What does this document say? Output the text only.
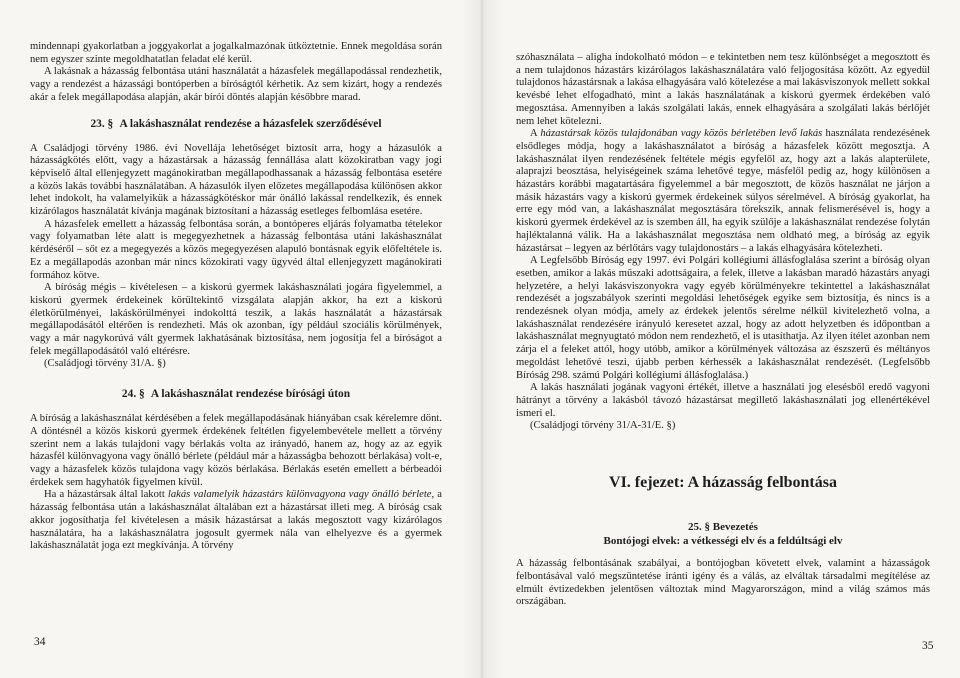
mindennapi gyakorlatban a joggyakorlat a jogalkalmazónak ütköztetnie. Ennek megoldása során nem egyszer szinte megoldhatatlan feladat elé kerül.

A lakásnak a házasság felbontása utáni használatát a házasfelek megállapodással rendezhetik, vagy a rendezést a házassági bontóperben a bíróságtól kérhetik. Az sem kizárt, hogy a rendezés akár a felek megállapodása alapján, akár bírói döntés alapján későbbre marad.

23. § A lakáshasználat rendezése a házasfelek szerződésével

A Családjogi törvény 1986. évi Novellája lehetőséget biztosít arra, hogy a házasulók a házasságkötés előtt, vagy a házastársak a házasság fennállása alatt közokiratban vagy jogi képviselő által ellenjegyzett magánokiratban megállapodhassanak a házasság felbontása esetére a közös lakás további használatában. A házasulók ilyen előzetes megállapodása különösen akkor lehet indokolt, ha valamelyikük a házasságkötéskor már önálló lakással rendelkezik, és ennek kizárólagos használatát kívánja magának biztosítani a házasság esetleges felbomlása esetére.

A házasfelek emellett a házasság felbontása során, a bontóperes eljárás folyamatba tételekor vagy folyamatban léte alatt is megegyezhetnek a házasság felbontása utáni lakáshasználat kérdéséről – sőt ez a megegyezés a közös megegyezésen alapuló bontásnak egyik előfeltétele is. Ez a megállapodás azonban már nincs közokirati vagy ügyvéd által ellenjegyzett magánokirati formához kötve.

A bíróság mégis – kivételesen – a kiskorú gyermek lakáshasználati jogára figyelemmel, a kiskorú gyermek érdekeinek körültekintő vizsgálata alapján akkor, ha ezt a kiskorú életkörülményei, lakáskörülményei indokolttá teszik, a lakás használatát a házastársak megállapodásától eltérően is rendezheti. Más ok azonban, így például szociális körülmények, vagy a már nagykorúvá vált gyermek lakhatásának biztosítása, nem jogosítja fel a bíróságot a felek megállapodásától való eltérésre.

(Családjogi törvény 31/A. §)

24. § A lakáshasználat rendezése bírósági úton

A bíróság a lakáshasználat kérdésében a felek megállapodásának hiányában csak kérelemre dönt. A döntésnél a közös kiskorú gyermek érdekének feltétlen figyelembevétele mellett a törvény szerint nem a lakás tulajdoni vagy bérlakás volta az irányadó, hanem az, hogy az az egyik házasfél különvagyona vagy önálló bérlete (például már a házasságba behozott bérlakása) volt-e, vagy a házasfelek közös tulajdona vagy közös bérlakása. Bérlakás esetén emellett a bérbeadói érdekek sem hagyhatók figyelmen kívül.

Ha a házastársak által lakott lakás valamelyik házastárs különvagyona vagy önálló bérlete, a házasság felbontása után a lakáshasználat általában ezt a házastársat illeti meg. A bíróság csak akkor jogosíthatja fel kivételesen a másik házastársat a lakás megosztott vagy kizárólagos használatára, ha a lakáshasználatra jogosult gyermek nála van elhelyezve és a gyermek lakáshasználatát joga ezt megkívánja. A törvény

34

szóhasználata – aligha indokolható módon – e tekintetben nem tesz különbséget a megosztott és a nem tulajdonos házastárs kizárólagos lakáshasználatára való feljogosítása között. Az egyedül tulajdonos házastársnak a lakása elhagyására való kötelezése a mai lakásviszonyok mellett sokkal kevésbé lehet elfogadható, mint a lakás használatának a kiskorú gyermek érdekében való megosztása. Amennyiben a lakás szolgálati lakás, ennek elhagyására a szolgálati lakás bérlőjét nem lehet kötelezni.

A házastársak közös tulajdonában vagy közös bérletében levő lakás használata rendezésének elsődleges módja, hogy a lakáshasználatot a bíróság a házasfelek között megosztja. A lakáshasználat ilyen rendezésének feltétele mégis egyfelől az, hogy azt a lakás alapterülete, alaprajzi beosztása, helyiségeinek száma lehetővé tegye, másfelől pedig az, hogy különösen a házastárs korábbi magatartására figyelemmel a bár megosztott, de közös használat ne járjon a másik házastárs vagy a kiskorú gyermek érdekeinek súlyos sérelmével. A bíróság gyakorlat, ha erre egy mód van, a lakáshasználat megosztására törekszik, annak felismerésével is, hogy a kiskorú gyermek érdekével az is szemben áll, ha egyik szülője a lakáshasználat rendezése folytán hajléktalanná válik. Ha a lakáshasználat megosztása nem oldható meg, a bíróság az egyik házastársat – legyen az bérlőtárs vagy tulajdonostárs – a lakás elhagyására kötelezheti.

A Legfelsőbb Bíróság egy 1997. évi Polgári kollégiumi állásfoglalása szerint a bíróság olyan esetben, amikor a lakás műszaki adottságaira, a felek, illetve a lakásban maradó házastárs anyagi helyzetére, a helyi lakásviszonyokra vagy egyéb körülményekre tekintettel a lakáshasználat rendezését a jogszabályok szerinti megoldási lehetőségek egyike sem biztosítja, és nincs is a rendezésnek olyan módja, amely az érdekek jelentős sérelme nélkül kivitelezhető volna, a lakáshasználat rendezésére irányuló keresetet azzal, hogy az adott helyzetben és időpontban a lakáshasználat megnyugtató módon nem rendezhető, el is utasíthatja. Az ilyen ítélet azonban nem zárja el a feleket attól, hogy utóbb, amikor a körülmények változása az észszerű és méltányos megoldást lehetővé teszi, újabb perben kérhessék a lakáshasználat rendezését. (Legfelsőbb Bíróság 298. számú Polgári kollégiumi állásfoglalása.)

A lakás használati jogának vagyoni értékét, illetve a használati jog elesésből eredő vagyoni hátrányt a törvény a lakásból távozó házastársat megillető lakáshasználati jog ellenértékével ismeri el.

(Családjogi törvény 31/A-31/E. §)

VI. fejezet: A házasság felbontása
25. § Bevezetés
Bontójogi elvek: a vétkességi elv és a feldúltsági elv

A házasság felbontásának szabályai, a bontójogban követett elvek, valamint a házasságok felbontásával való megszüntetése iránti igény és a válás, az elváltak társadalmi megítélése az elmúlt évtizedekben jelentősen változtak mind Magyarországon, mind a világ számos más országában.

35
